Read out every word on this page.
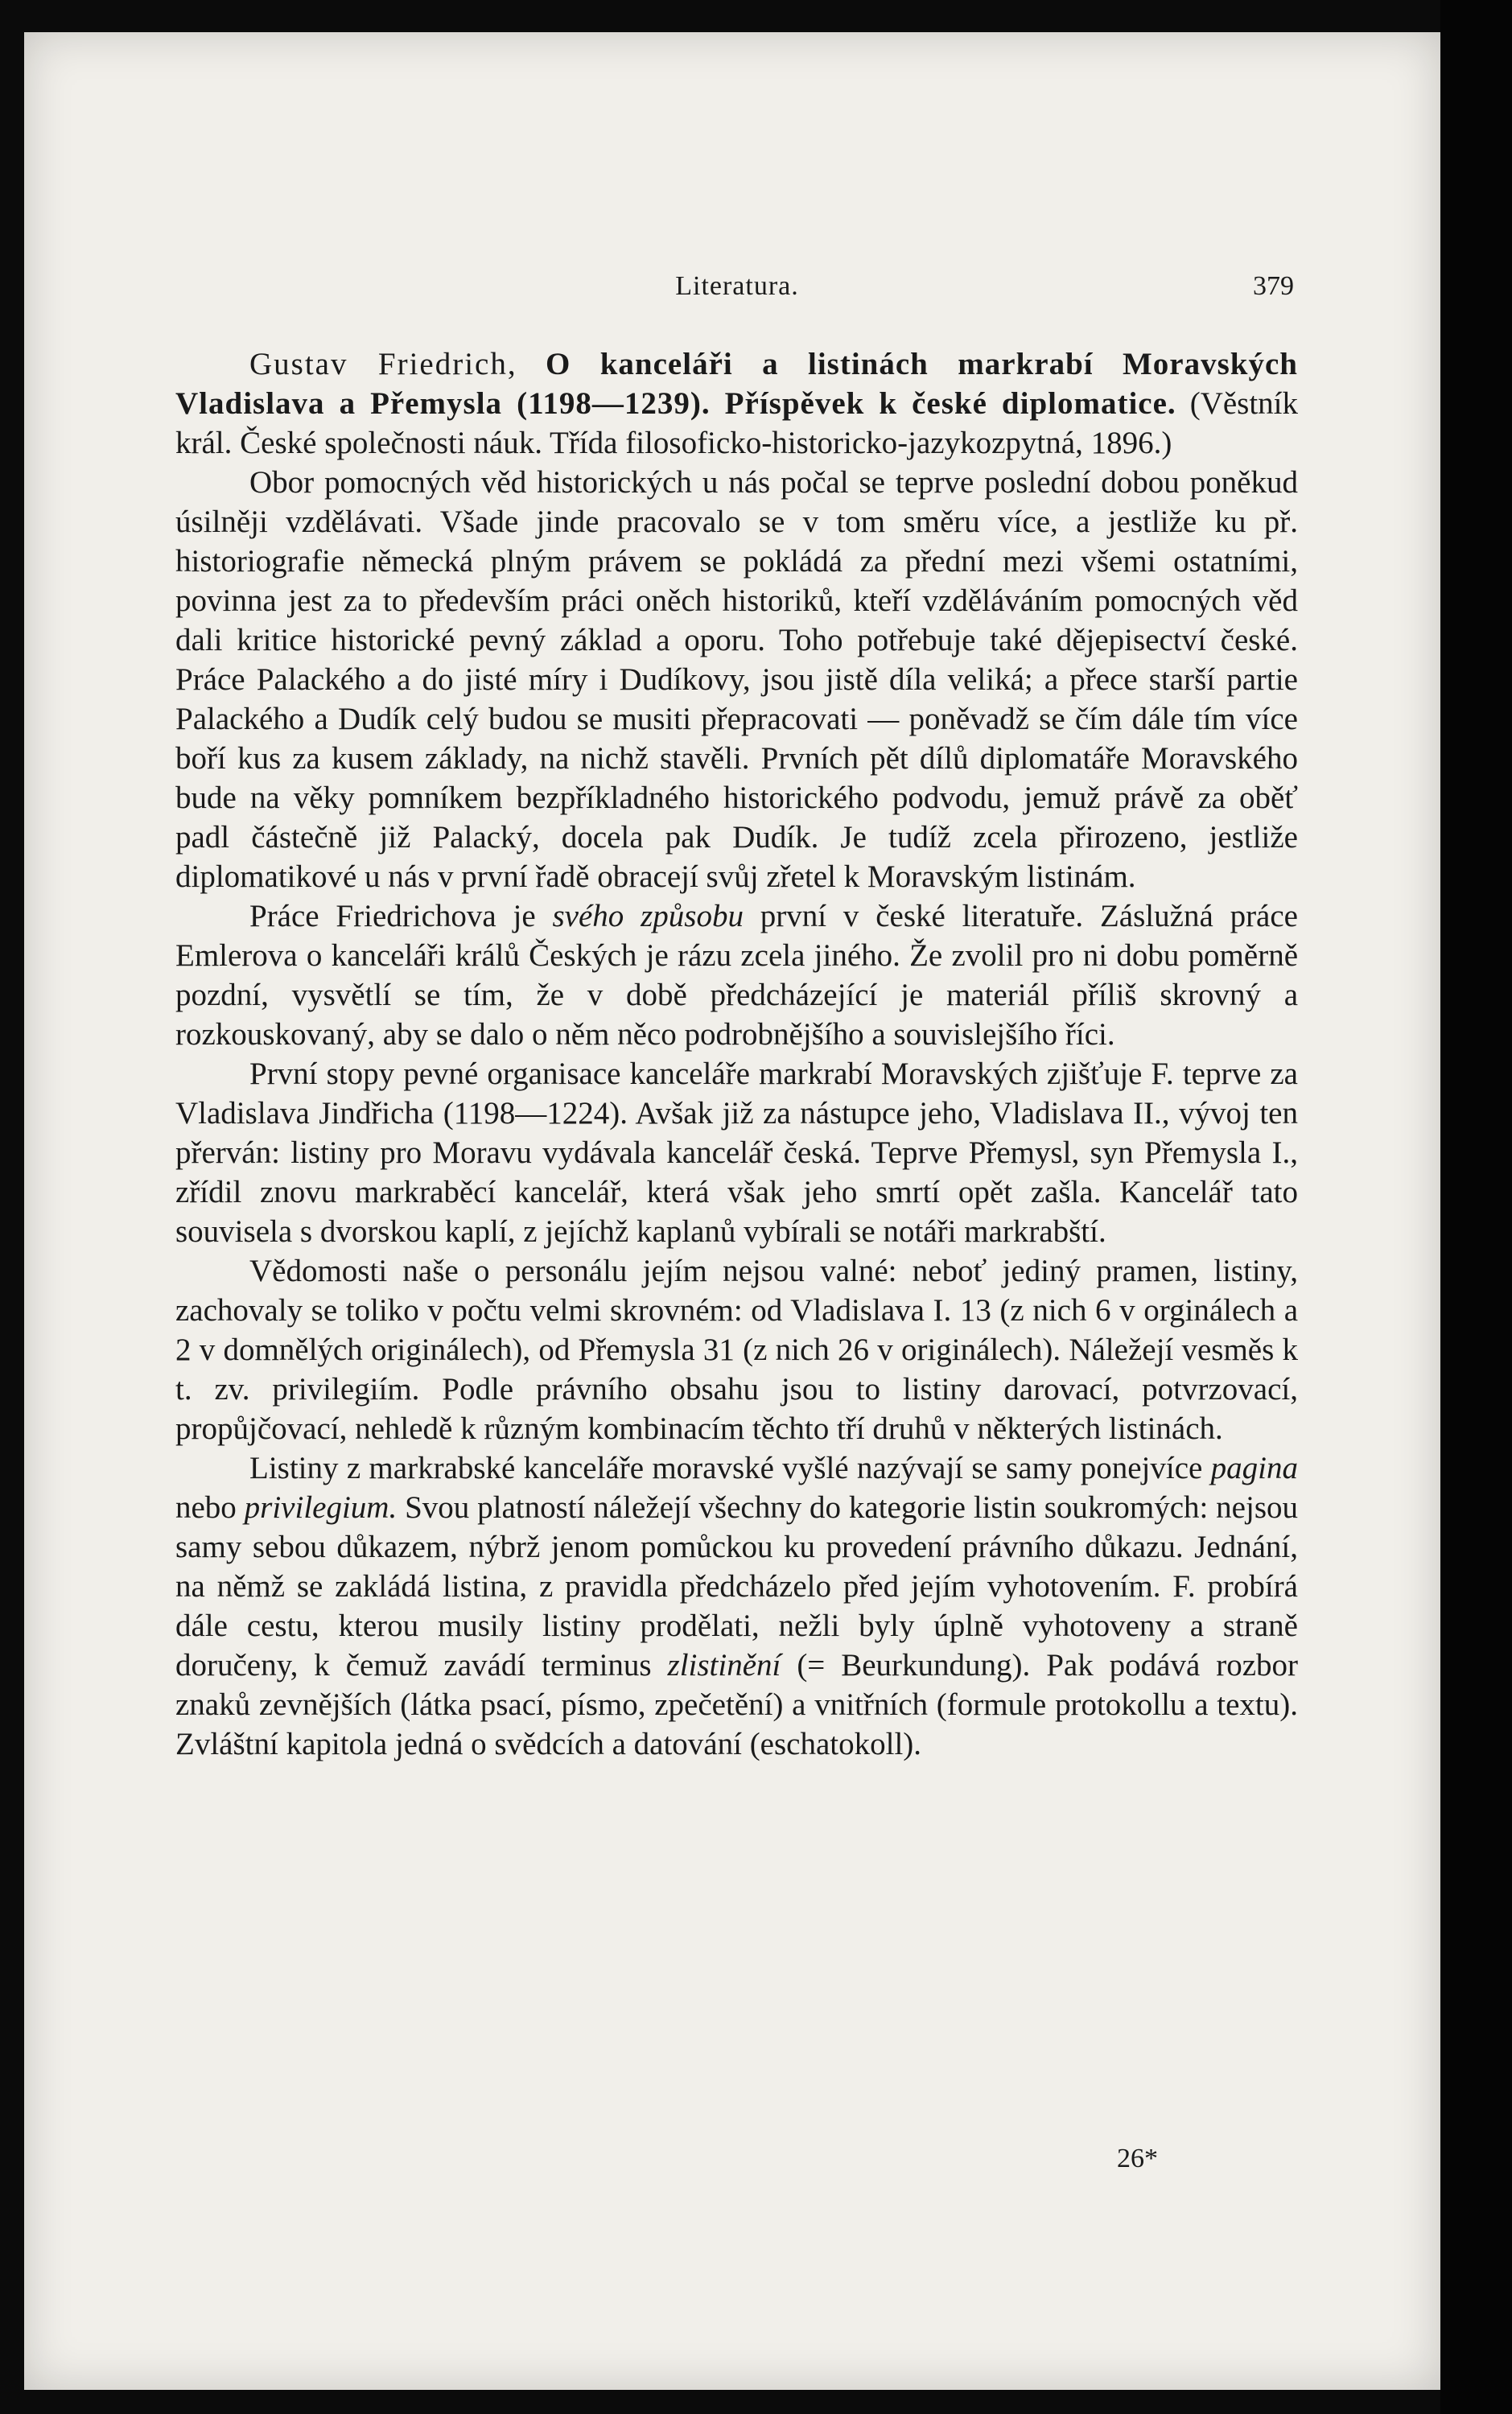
Literatura.	379

Gustav Friedrich, O kanceláři a listinách markrabí Moravských Vladislava a Přemysla (1198—1239). Příspěvek k české diplomatice. (Věstník král. České společnosti náuk. Třída filosoficko-historicko-jazykozpytná, 1896.)

Obor pomocných věd historických u nás počal se teprve poslední dobou poněkud úsilněji vzdělávati. Všade jinde pracovalo se v tom směru více, a jestliže ku př. historiografie německá plným právem se pokládá za přední mezi všemi ostatními, povinna jest za to především práci oněch historiků, kteří vzděláváním pomocných věd dali kritice historické pevný základ a oporu. Toho potřebuje také dějepisectví české. Práce Palackého a do jisté míry i Dudíkovy, jsou jistě díla veliká; a přece starší partie Palackého a Dudík celý budou se musiti přepracovati — poněvadž se čím dále tím více boří kus za kusem základy, na nichž stavěli. Prvních pět dílů diplomatáře Moravského bude na věky pomníkem bezpříkladného historického podvodu, jemuž právě za oběť padl částečně již Palacký, docela pak Dudík. Je tudíž zcela přirozeno, jestliže diplomatikové u nás v první řadě obracejí svůj zřetel k Moravským listinám.

Práce Friedrichova je svého způsobu první v české literatuře. Záslužná práce Emlerova o kanceláři králů Českých je rázu zcela jiného. Že zvolil pro ni dobu poměrně pozdní, vysvětlí se tím, že v době předcházející je materiál příliš skrovný a rozkouskovaný, aby se dalo o něm něco podrobnějšího a souvislejšího říci.

První stopy pevné organisace kanceláře markrabí Moravských zjišťuje F. teprve za Vladislava Jindřicha (1198—1224). Avšak již za nástupce jeho, Vladislava II., vývoj ten přerván: listiny pro Moravu vydávala kancelář česká. Teprve Přemysl, syn Přemysla I., zřídil znovu markraběcí kancelář, která však jeho smrtí opět zašla. Kancelář tato souvisela s dvorskou kaplí, z jejíchž kaplanů vybírali se notáři markrabští.

Vědomosti naše o personálu jejím nejsou valné: neboť jediný pramen, listiny, zachovaly se toliko v počtu velmi skrovném: od Vladislava I. 13 (z nich 6 v orginálech a 2 v domnělých originálech), od Přemysla 31 (z nich 26 v originálech). Náležejí vesměs k t. zv. privilegiím. Podle právního obsahu jsou to listiny darovací, potvrzovací, propůjčovací, nehledě k různým kombinacím těchto tří druhů v některých listinách.

Listiny z markrabské kanceláře moravské vyšlé nazývají se samy ponejvíce pagina nebo privilegium. Svou platností náležejí všechny do kategorie listin soukromých: nejsou samy sebou důkazem, nýbrž jenom pomůckou ku provedení právního důkazu. Jednání, na němž se zakládá listina, z pravidla předcházelo před jejím vyhotovením. F. probírá dále cestu, kterou musily listiny prodělati, nežli byly úplně vyhotoveny a straně doručeny, k čemuž zavádí terminus zlistinění (= Beurkundung). Pak podává rozbor znaků zevnějších (látka psací, písmo, zpečetění) a vnitřních (formule protokollu a textu). Zvláštní kapitola jedná o svědcích a datování (eschatokoll).

26*
